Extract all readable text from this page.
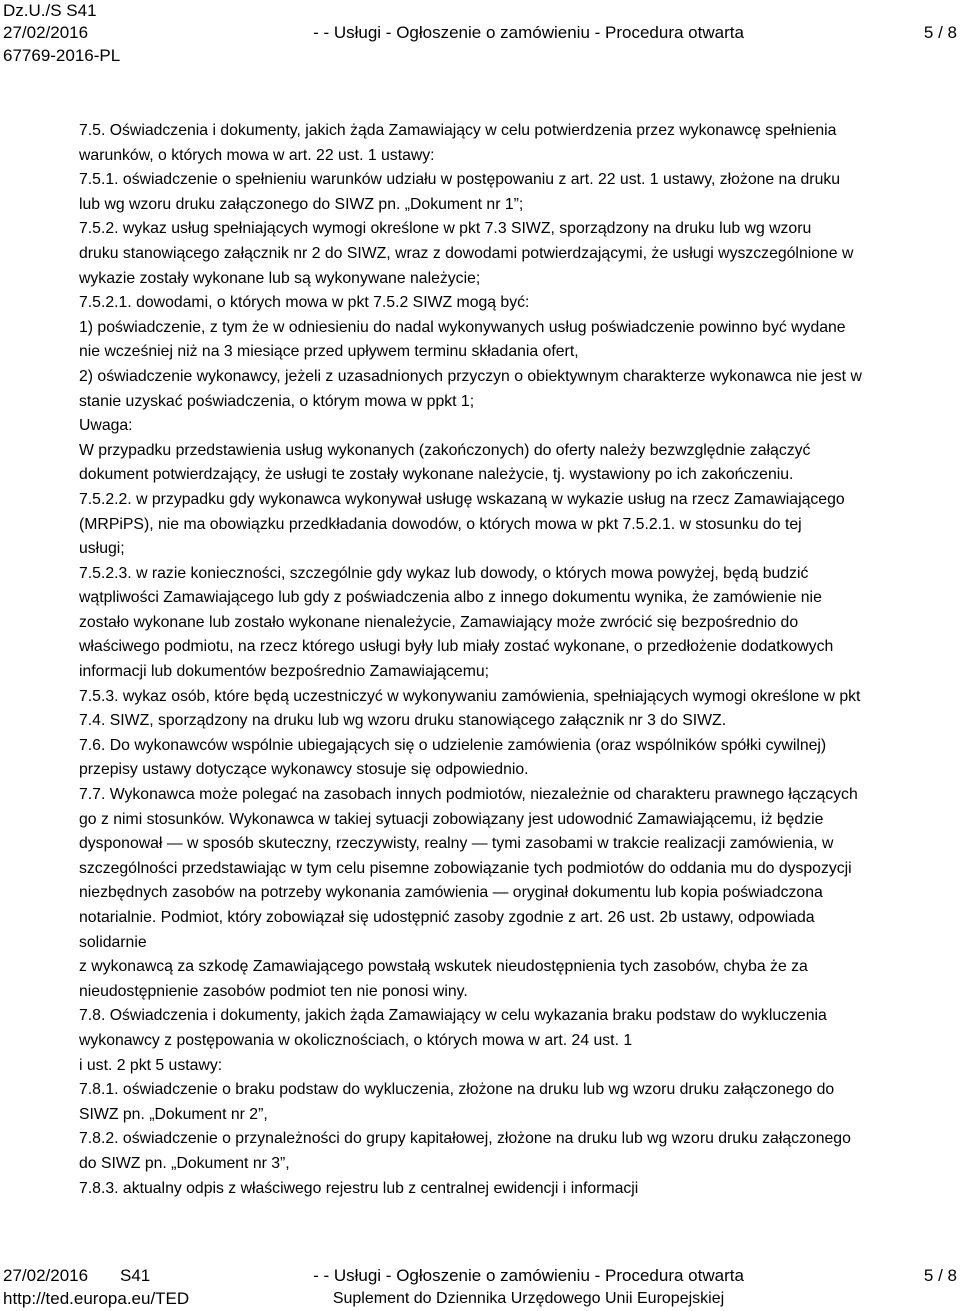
Dz.U./S S41
27/02/2016	- - Usługi - Ogłoszenie o zamówieniu - Procedura otwarta	5 / 8
67769-2016-PL

7.5. Oświadczenia i dokumenty, jakich żąda Zamawiający w celu potwierdzenia przez wykonawcę spełnienia

warunków, o których mowa w art. 22 ust. 1 ustawy:

7.5.1. oświadczenie o spełnieniu warunków udziału w postępowaniu z art. 22 ust. 1 ustawy, złożone na druku

lub wg wzoru druku załączonego do SIWZ pn. „Dokument nr 1”;

7.5.2. wykaz usług spełniających wymogi określone w pkt 7.3 SIWZ, sporządzony na druku lub wg wzoru

druku stanowiącego załącznik nr 2 do SIWZ, wraz z dowodami potwierdzającymi, że usługi wyszczególnione w

wykazie zostały wykonane lub są wykonywane należycie;

7.5.2.1. dowodami, o których mowa w pkt 7.5.2 SIWZ mogą być:

1) poświadczenie, z tym że w odniesieniu do nadal wykonywanych usług poświadczenie powinno być wydane

nie wcześniej niż na 3 miesiące przed upływem terminu składania ofert,

2) oświadczenie wykonawcy, jeżeli z uzasadnionych przyczyn o obiektywnym charakterze wykonawca nie jest w

stanie uzyskać poświadczenia, o którym mowa w ppkt 1;

Uwaga:

W przypadku przedstawienia usług wykonanych (zakończonych) do oferty należy bezwzględnie załączyć

dokument potwierdzający, że usługi te zostały wykonane należycie, tj. wystawiony po ich zakończeniu.

7.5.2.2. w przypadku gdy wykonawca wykonywał usługę wskazaną w wykazie usług na rzecz Zamawiającego

(MRPiPS), nie ma obowiązku przedkładania dowodów, o których mowa w pkt 7.5.2.1. w stosunku do tej

usługi;

7.5.2.3. w razie konieczności, szczególnie gdy wykaz lub dowody, o których mowa powyżej, będą budzić

wątpliwości Zamawiającego lub gdy z poświadczenia albo z innego dokumentu wynika, że zamówienie nie

zostało wykonane lub zostało wykonane nienależycie, Zamawiający może zwrócić się bezpośrednio do

właściwego podmiotu, na rzecz którego usługi były lub miały zostać wykonane, o przedłożenie dodatkowych

informacji lub dokumentów bezpośrednio Zamawiającemu;

7.5.3. wykaz osób, które będą uczestniczyć w wykonywaniu zamówienia, spełniających wymogi określone w pkt

7.4. SIWZ, sporządzony na druku lub wg wzoru druku stanowiącego załącznik nr 3 do SIWZ.

7.6. Do wykonawców wspólnie ubiegających się o udzielenie zamówienia (oraz wspólników spółki cywilnej)

przepisy ustawy dotyczące wykonawcy stosuje się odpowiednio.

7.7. Wykonawca może polegać na zasobach innych podmiotów, niezależnie od charakteru prawnego łączących

go z nimi stosunków. Wykonawca w takiej sytuacji zobowiązany jest udowodnić Zamawiającemu, iż będzie

dysponował — w sposób skuteczny, rzeczywisty, realny — tymi zasobami w trakcie realizacji zamówienia, w

szczególności przedstawiając w tym celu pisemne zobowiązanie tych podmiotów do oddania mu do dyspozycji

niezbędnych zasobów na potrzeby wykonania zamówienia — oryginał dokumentu lub kopia poświadczona

notarialnie. Podmiot, który zobowiązał się udostępnić zasoby zgodnie z art. 26 ust. 2b ustawy, odpowiada

solidarnie

z wykonawcą za szkodę Zamawiającego powstałą wskutek nieudostępnienia tych zasobów, chyba że za

nieudostępnienie zasobów podmiot ten nie ponosi winy.

7.8. Oświadczenia i dokumenty, jakich żąda Zamawiający w celu wykazania braku podstaw do wykluczenia

wykonawcy z postępowania w okolicznościach, o których mowa w art. 24 ust. 1

i ust. 2 pkt 5 ustawy:

7.8.1. oświadczenie o braku podstaw do wykluczenia, złożone na druku lub wg wzoru druku załączonego do

SIWZ pn. „Dokument nr 2”,

7.8.2. oświadczenie o przynależności do grupy kapitałowej, złożone na druku lub wg wzoru druku załączonego

do SIWZ pn. „Dokument nr 3”,

7.8.3. aktualny odpis z właściwego rejestru lub z centralnej ewidencji i informacji

27/02/2016 S41	- - Usługi - Ogłoszenie o zamówieniu - Procedura otwarta	5 / 8
http://ted.europa.eu/TED	Suplement do Dziennika Urzędowego Unii Europejskiej
